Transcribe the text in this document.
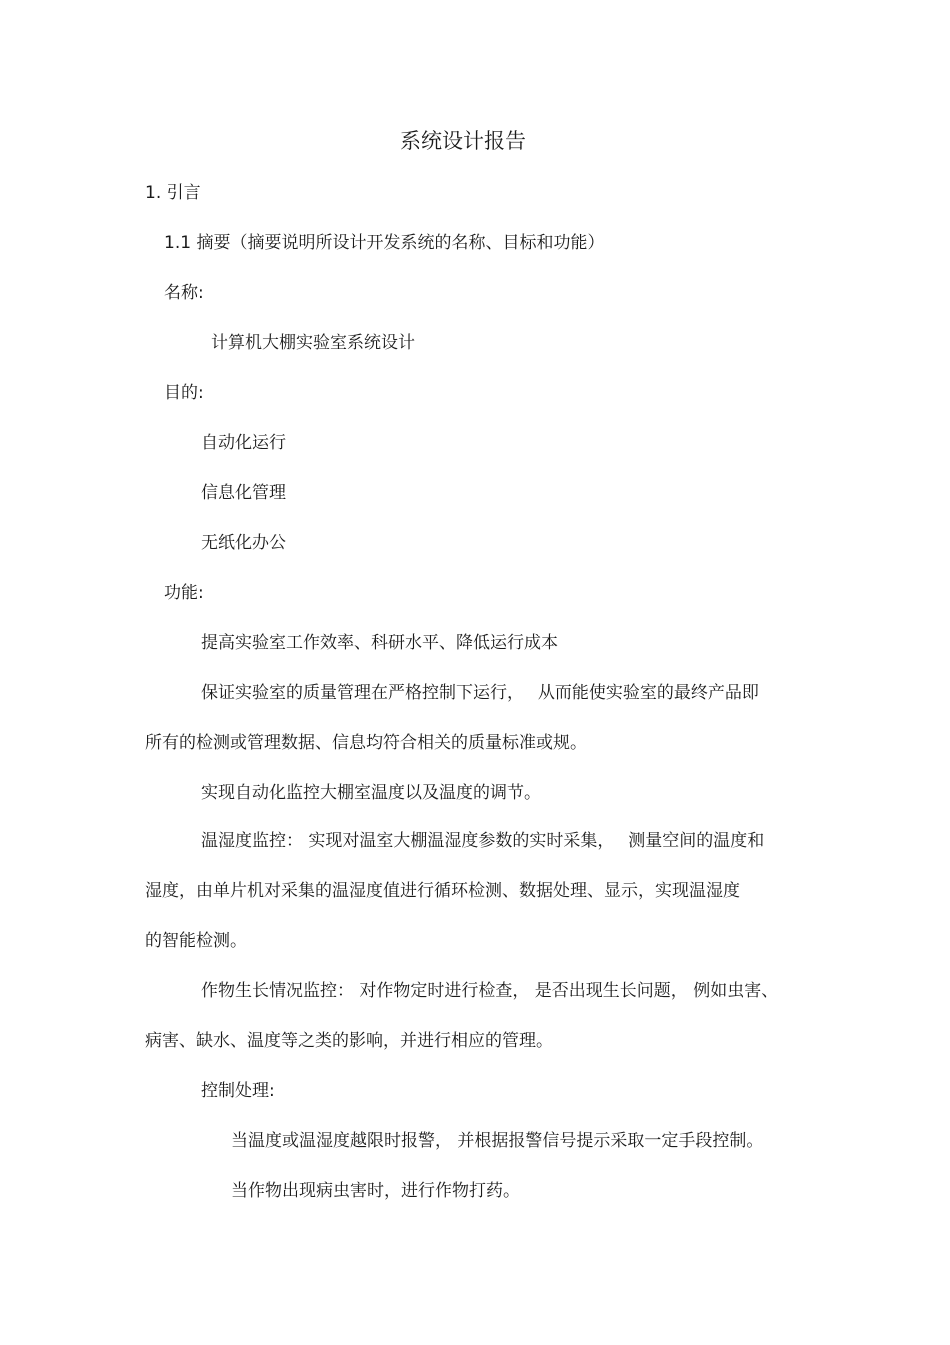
系统设计报告
1. 引言
1.1 摘要（摘要说明所设计开发系统的名称、目标和功能）
名称:
计算机大棚实验室系统设计
目的:
自动化运行
信息化管理
无纸化办公
功能:
提高实验室工作效率、科研水平、降低运行成本
保证实验室的质量管理在严格控制下运行，　 从而能使实验室的最终产品即
所有的检测或管理数据、信息均符合相关的质量标准或规。
实现自动化监控大棚室温度以及温度的调节。
温湿度监控： 实现对温室大棚温湿度参数的实时采集，　 测量空间的温度和
湿度，由单片机对采集的温湿度值进行循环检测、数据处理、显示，实现温湿度
的智能检测。
作物生长情况监控： 对作物定时进行检查， 是否出现生长问题， 例如虫害、
病害、缺水、温度等之类的影响，并进行相应的管理。
控制处理:
当温度或温湿度越限时报警， 并根据报警信号提示采取一定手段控制。
当作物出现病虫害时，进行作物打药。
